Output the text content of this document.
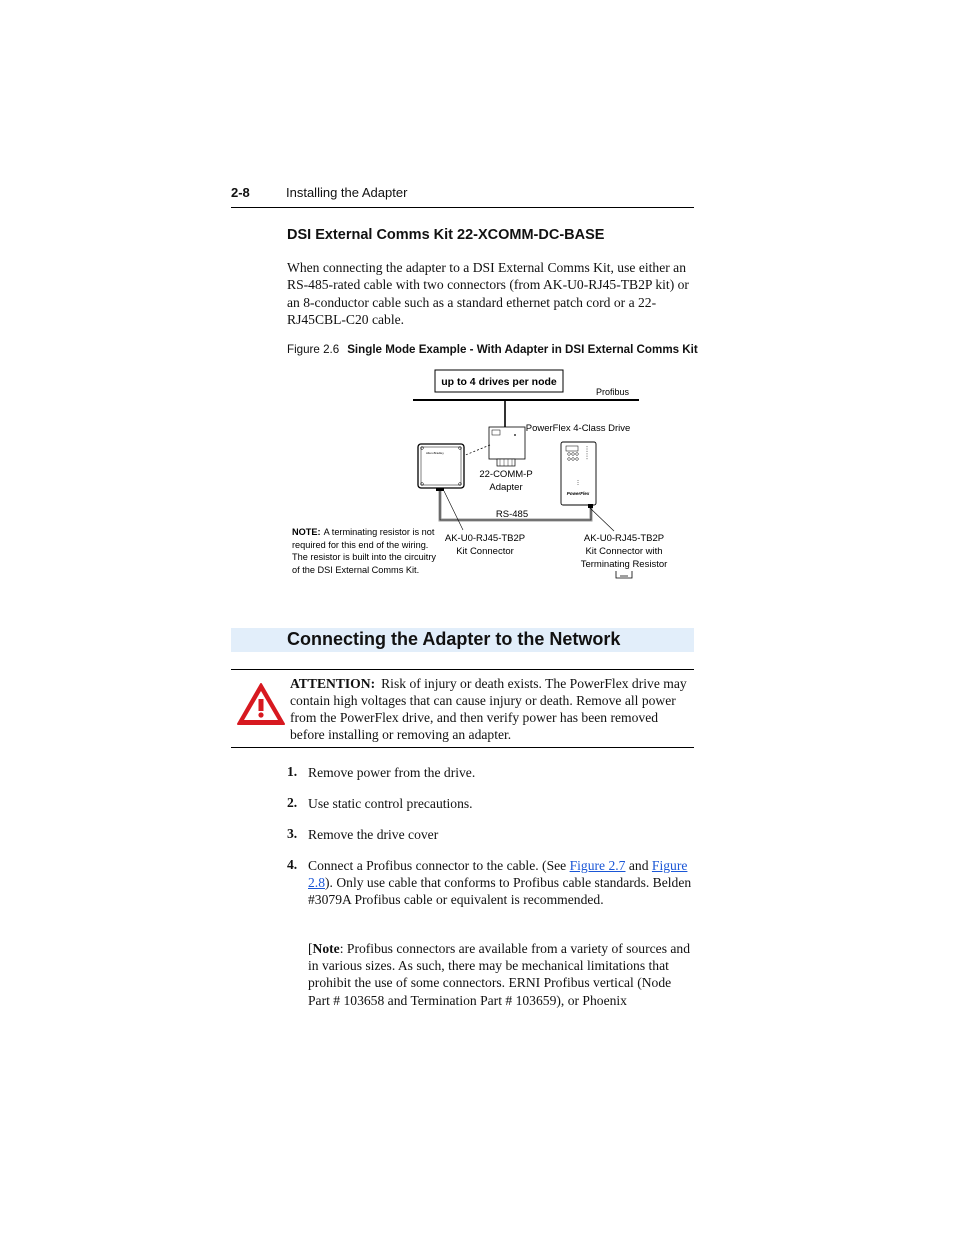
2-8	Installing the Adapter
DSI External Comms Kit 22-XCOMM-DC-BASE
When connecting the adapter to a DSI External Comms Kit, use either an RS-485-rated cable with two connectors (from AK-U0-RJ45-TB2P kit) or an 8-conductor cable such as a standard ethernet patch cord or a 22-RJ45CBL-C20 cable.
Figure 2.6 Single Mode Example - With Adapter in DSI External Comms Kit
up to 4 drives per node
Profibus
22-COMM-P
Adapter
Allen-Bradley
RS-485
PowerFlex
PowerFlex 4-Class Drive
AK-U0-RJ45-TB2P
Kit Connector
AK-U0-RJ45-TB2P
Kit Connector with
Terminating Resistor
NOTE: A terminating resistor is not
required for this end of the wiring.
The resistor is built into the circuitry
of the DSI External Comms Kit.
Connecting the Adapter to the Network
ATTENTION: Risk of injury or death exists. The PowerFlex drive may contain high voltages that can cause injury or death. Remove all power from the PowerFlex drive, and then verify power has been removed before installing or removing an adapter.
1. Remove power from the drive.
2. Use static control precautions.
3. Remove the drive cover
4. Connect a Profibus connector to the cable. (See Figure 2.7 and Figure 2.8). Only use cable that conforms to Profibus cable standards. Belden #3079A Profibus cable or equivalent is recommended.
[Note: Profibus connectors are available from a variety of sources and in various sizes. As such, there may be mechanical limitations that prohibit the use of some connectors. ERNI Profibus vertical (Node Part # 103658 and Termination Part # 103659), or Phoenix
